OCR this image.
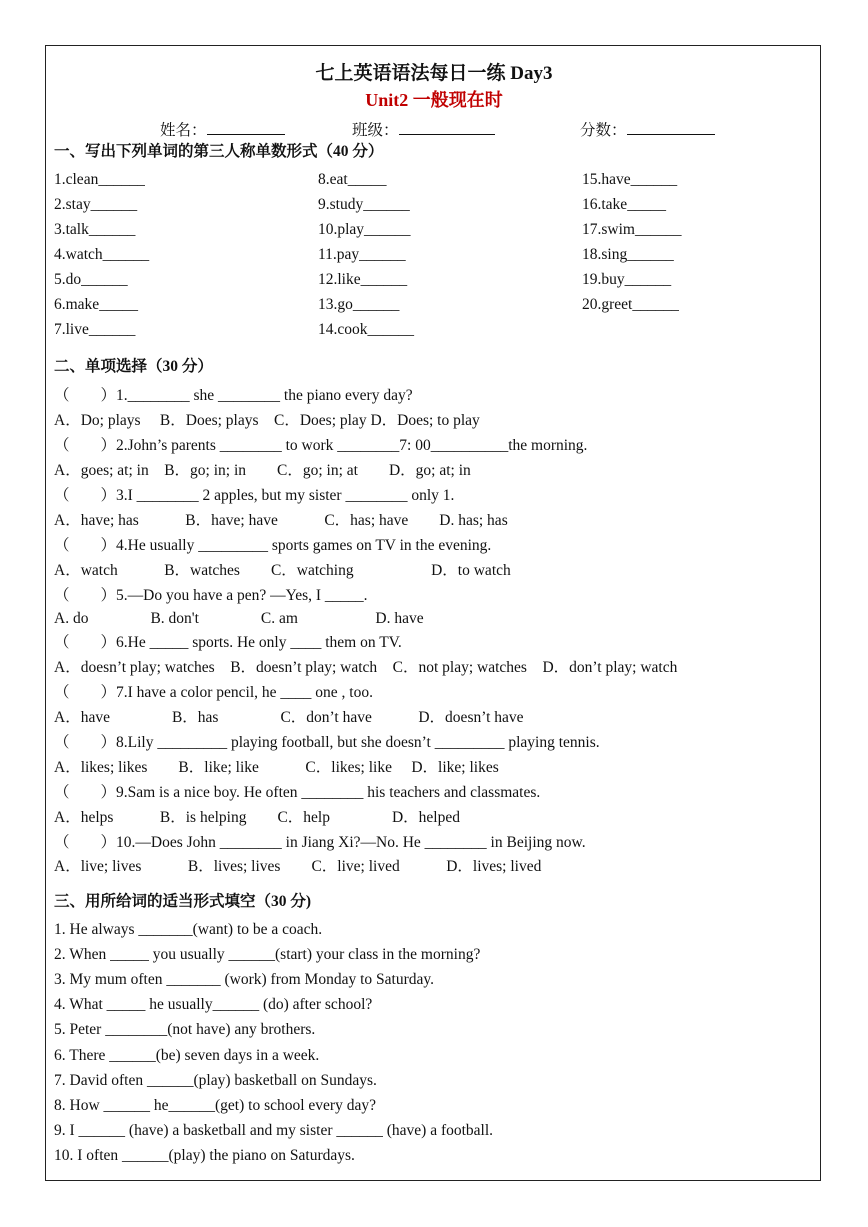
七上英语语法每日一练 Day3
Unit2 一般现在时
姓名：	班级：	分数：
一、写出下列单词的第三人称单数形式（40 分）
1.clean______
2.stay______
3.talk______
4.watch______
5.do______
6.make_____
7.live______
8.eat_____
9.study______
10.play______
11.pay______
12.like______
13.go______
14.cook______
15.have______
16.take_____
17.swim______
18.sing______
19.buy______
20.greet______
二、单项选择（30 分）
（　　）1.________ she ________ the piano every day?
A．Do; plays　 B．Does; plays　C．Does; play D．Does; to play
（　　）2.John’s parents ________ to work ________7: 00__________the morning.
A．goes; at; in　B．go; in; in　　C．go; in; at　　D．go; at; in
（　　）3.I ________ 2 apples, but my sister ________ only 1.
A．have; has　　　B．have; have　　　C．has; have　　D. has; has
（　　）4.He usually _________ sports games on TV in the evening.
A．watch　　　B．watches　　C．watching　　　　　D．to watch
（　　）5.—Do you have a pen? —Yes, I _____.
A. do　　　　B. don't　　　　C. am　　　　　D. have
（　　）6.He _____ sports. He only ____ them on TV.
A．doesn’t play; watches　B．doesn’t play; watch　C．not play; watches　D．don’t play; watch
（　　）7.I have a color pencil, he ____ one , too.
A．have　　　　B．has　　　　C．don’t have　　　D．doesn’t have
（　　）8.Lily _________ playing football, but she doesn’t _________ playing tennis.
A．likes; likes　　B．like; like　　　C．likes; like　 D．like; likes
（　　）9.Sam is a nice boy. He often ________ his teachers and classmates.
A．helps　　　B．is helping　　C．help　　　　D．helped
（　　）10.—Does John ________ in Jiang Xi?—No. He ________ in Beijing now.
A．live; lives　　　B．lives; lives　　C．live; lived　　　D．lives; lived
三、用所给词的适当形式填空（30 分)
1. He always _______(want) to be a coach.
2. When _____ you usually ______(start) your class in the morning?
3. My mum often _______ (work) from Monday to Saturday.
4. What _____ he usually______ (do) after school?
5. Peter ________(not have) any brothers.
6. There ______(be) seven days in a week.
7. David often ______(play) basketball on Sundays.
8. How ______ he______(get) to school every day?
9. I ______ (have) a basketball and my sister ______ (have) a football.
10. I often ______(play) the piano on Saturdays.
